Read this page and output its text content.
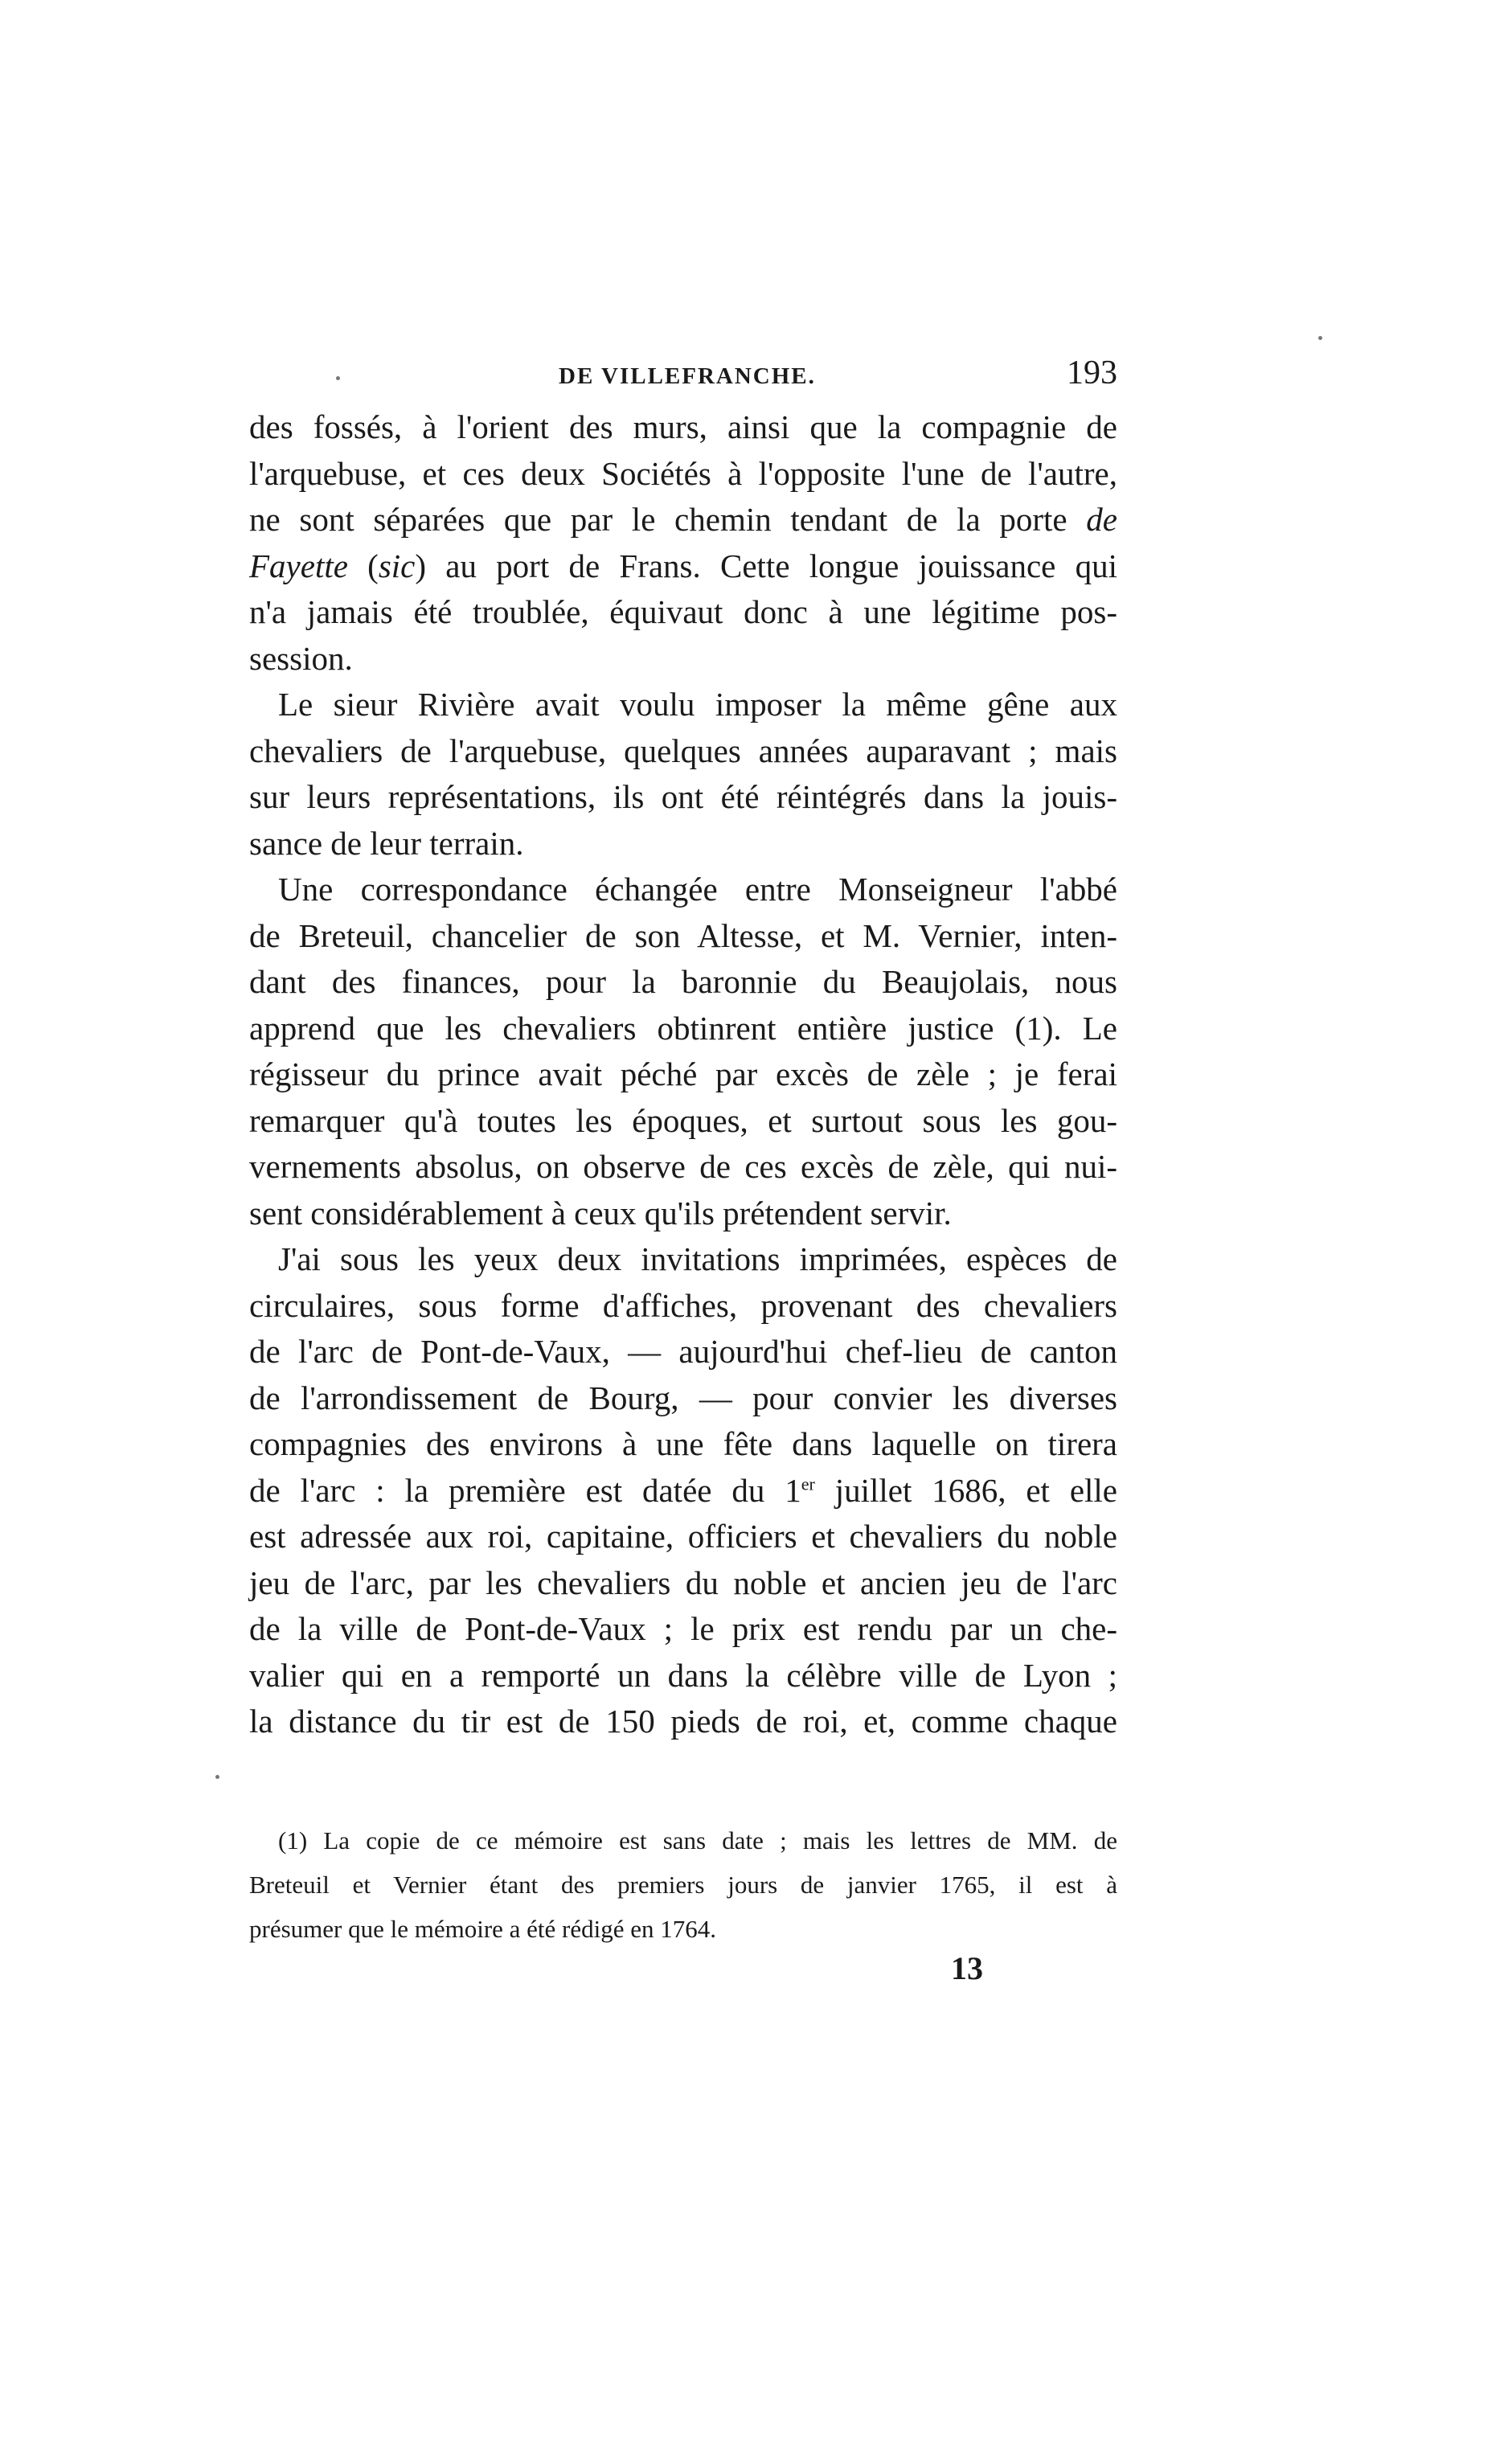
DE VILLEFRANCHE.	193
des fossés, à l'orient des murs, ainsi que la compagnie de
l'arquebuse, et ces deux Sociétés à l'opposite l'une de l'autre,
ne sont séparées que par le chemin tendant de la porte de
Fayette (sic) au port de Frans. Cette longue jouissance qui
n'a jamais été troublée, équivaut donc à une légitime pos-
session.
Le sieur Rivière avait voulu imposer la même gêne aux
chevaliers de l'arquebuse, quelques années auparavant ; mais
sur leurs représentations, ils ont été réintégrés dans la jouis-
sance de leur terrain.
Une correspondance échangée entre Monseigneur l'abbé
de Breteuil, chancelier de son Altesse, et M. Vernier, inten-
dant des finances, pour la baronnie du Beaujolais, nous
apprend que les chevaliers obtinrent entière justice (1). Le
régisseur du prince avait péché par excès de zèle ; je ferai
remarquer qu'à toutes les époques, et surtout sous les gou-
vernements absolus, on observe de ces excès de zèle, qui nui-
sent considérablement à ceux qu'ils prétendent servir.
J'ai sous les yeux deux invitations imprimées, espèces de
circulaires, sous forme d'affiches, provenant des chevaliers
de l'arc de Pont-de-Vaux, — aujourd'hui chef-lieu de canton
de l'arrondissement de Bourg, — pour convier les diverses
compagnies des environs à une fête dans laquelle on tirera
de l'arc : la première est datée du 1er juillet 1686, et elle
est adressée aux roi, capitaine, officiers et chevaliers du noble
jeu de l'arc, par les chevaliers du noble et ancien jeu de l'arc
de la ville de Pont-de-Vaux ; le prix est rendu par un che-
valier qui en a remporté un dans la célèbre ville de Lyon ;
la distance du tir est de 150 pieds de roi, et, comme chaque
(1) La copie de ce mémoire est sans date ; mais les lettres de MM. de
Breteuil et Vernier étant des premiers jours de janvier 1765, il est à
présumer que le mémoire a été rédigé en 1764.
13
